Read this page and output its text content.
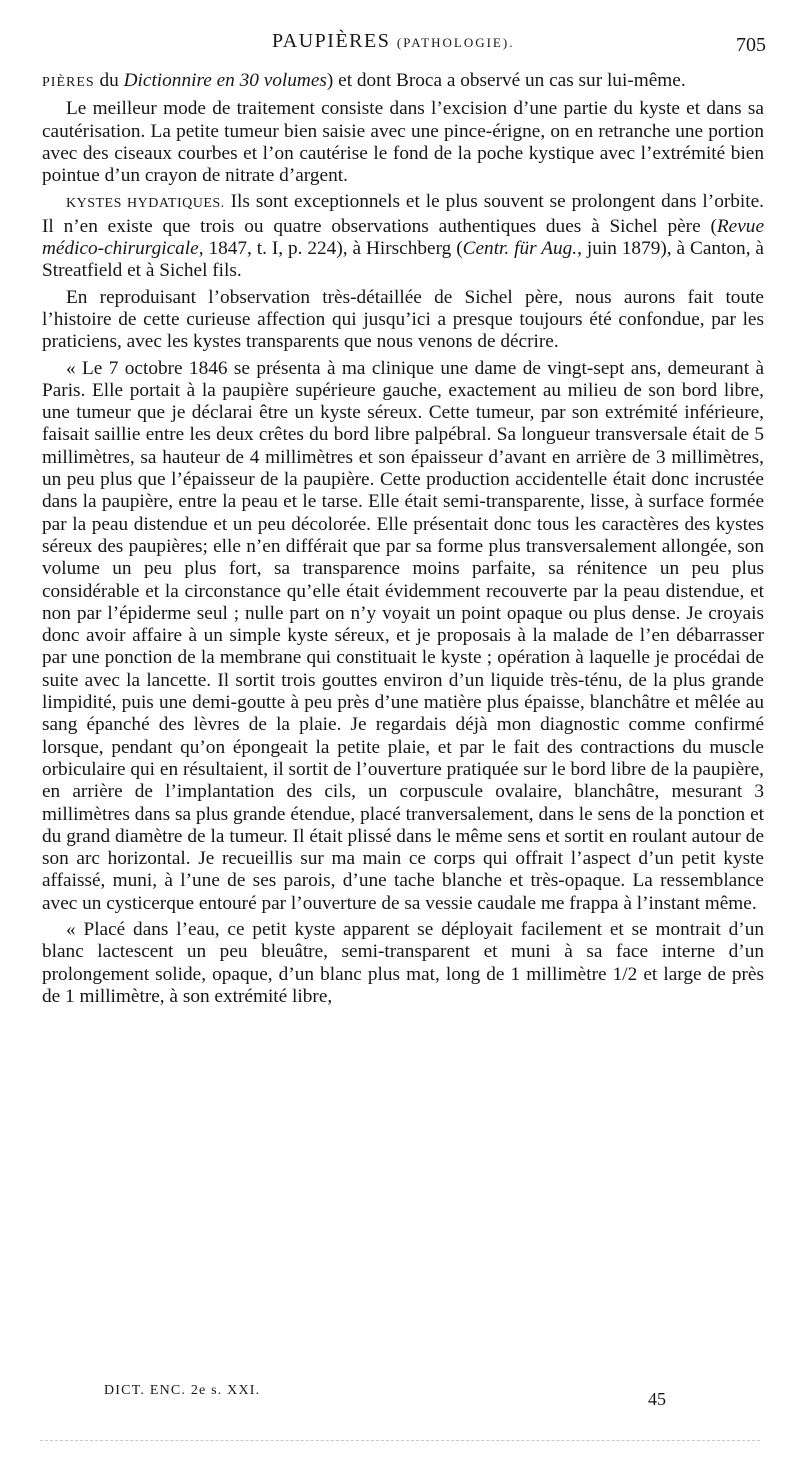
PAUPIÈRES (PATHOLOGIE).	705

PIÈRES du Dictionnire en 30 volumes) et dont Broca a observé un cas sur lui-même.

Le meilleur mode de traitement consiste dans l’excision d’une partie du kyste et dans sa cautérisation. La petite tumeur bien saisie avec une pince-érigne, on en retranche une portion avec des ciseaux courbes et l’on cautérise le fond de la poche kystique avec l’extrémité bien pointue d’un crayon de nitrate d’argent.

KYSTES HYDATIQUES. Ils sont exceptionnels et le plus souvent se prolongent dans l’orbite. Il n’en existe que trois ou quatre observations authentiques dues à Sichel père (Revue médico-chirurgicale, 1847, t. I, p. 224), à Hirschberg (Centr. für Aug., juin 1879), à Canton, à Streatfield et à Sichel fils.

En reproduisant l’observation très-détaillée de Sichel père, nous aurons fait toute l’histoire de cette curieuse affection qui jusqu’ici a presque toujours été confondue, par les praticiens, avec les kystes transparents que nous venons de décrire.

« Le 7 octobre 1846 se présenta à ma clinique une dame de vingt-sept ans, demeurant à Paris. Elle portait à la paupière supérieure gauche, exactement au milieu de son bord libre, une tumeur que je déclarai être un kyste séreux. Cette tumeur, par son extrémité inférieure, faisait saillie entre les deux crêtes du bord libre palpébral. Sa longueur transversale était de 5 millimètres, sa hauteur de 4 millimètres et son épaisseur d’avant en arrière de 3 millimètres, un peu plus que l’épaisseur de la paupière. Cette production accidentelle était donc incrustée dans la paupière, entre la peau et le tarse. Elle était semi-transparente, lisse, à surface formée par la peau distendue et un peu décolorée. Elle présentait donc tous les caractères des kystes séreux des paupières; elle n’en différait que par sa forme plus transversalement allongée, son volume un peu plus fort, sa transparence moins parfaite, sa rénitence un peu plus considérable et la circonstance qu’elle était évidemment recouverte par la peau distendue, et non par l’épiderme seul ; nulle part on n’y voyait un point opaque ou plus dense. Je croyais donc avoir affaire à un simple kyste séreux, et je proposais à la malade de l’en débarrasser par une ponction de la membrane qui constituait le kyste ; opération à laquelle je procédai de suite avec la lancette. Il sortit trois gouttes environ d’un liquide très-ténu, de la plus grande limpidité, puis une demi-goutte à peu près d’une matière plus épaisse, blanchâtre et mêlée au sang épanché des lèvres de la plaie. Je regardais déjà mon diagnostic comme confirmé lorsque, pendant qu’on épongeait la petite plaie, et par le fait des contractions du muscle orbiculaire qui en résultaient, il sortit de l’ouverture pratiquée sur le bord libre de la paupière, en arrière de l’implantation des cils, un corpuscule ovalaire, blanchâtre, mesurant 3 millimètres dans sa plus grande étendue, placé tranversalement, dans le sens de la ponction et du grand diamètre de la tumeur. Il était plissé dans le même sens et sortit en roulant autour de son arc horizontal. Je recueillis sur ma main ce corps qui offrait l’aspect d’un petit kyste affaissé, muni, à l’une de ses parois, d’une tache blanche et très-opaque. La ressemblance avec un cysticerque entouré par l’ouverture de sa vessie caudale me frappa à l’instant même.

« Placé dans l’eau, ce petit kyste apparent se déployait facilement et se montrait d’un blanc lactescent un peu bleuâtre, semi-transparent et muni à sa face interne d’un prolongement solide, opaque, d’un blanc plus mat, long de 1 millimètre 1/2 et large de près de 1 millimètre, à son extrémité libre,

DICT. ENC. 2e s. XXI.	45
